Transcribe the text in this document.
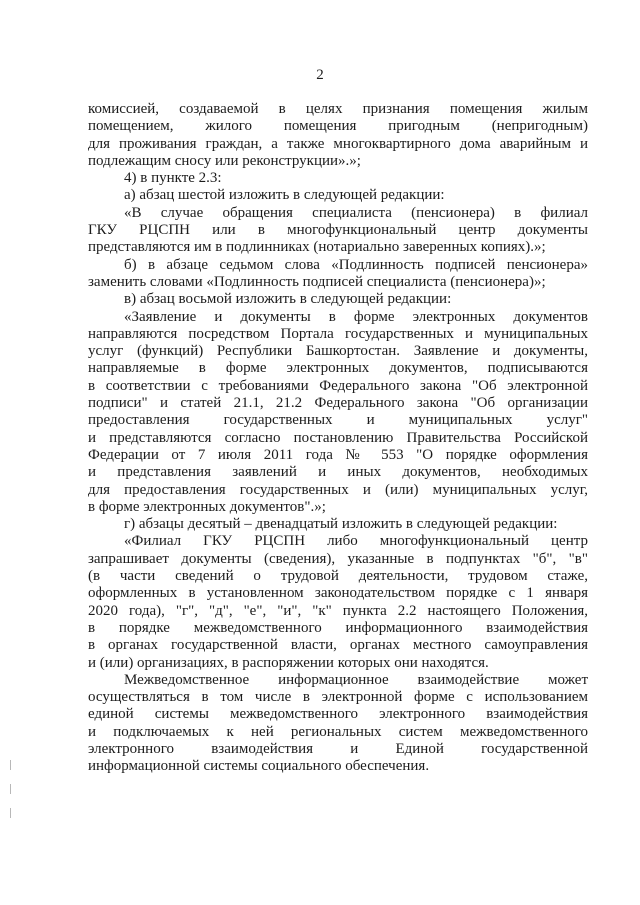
2
комиссией, создаваемой в целях признания помещения жилым
помещением, жилого помещения пригодным (непригодным)
для проживания граждан, а также многоквартирного дома аварийным и
подлежащим сносу или реконструкции».»;
4) в пункте 2.3:
а) абзац шестой изложить в следующей редакции:
«В случае обращения специалиста (пенсионера) в филиал
ГКУ РЦСПН или в многофункциональный центр документы
представляются им в подлинниках (нотариально заверенных копиях).»;
б) в абзаце седьмом слова «Подлинность подписей пенсионера»
заменить словами «Подлинность подписей специалиста (пенсионера)»;
в) абзац восьмой изложить в следующей редакции:
«Заявление и документы в форме электронных документов
направляются посредством Портала государственных и муниципальных
услуг (функций) Республики Башкортостан. Заявление и документы,
направляемые в форме электронных документов, подписываются
в соответствии с требованиями Федерального закона "Об электронной
подписи" и статей 21.1, 21.2 Федерального закона "Об организации
предоставления государственных и муниципальных услуг"
и представляются согласно постановлению Правительства Российской
Федерации от 7 июля 2011 года № 553 "О порядке оформления
и представления заявлений и иных документов, необходимых
для предоставления государственных и (или) муниципальных услуг,
в форме электронных документов".»;
г) абзацы десятый – двенадцатый изложить в следующей редакции:
«Филиал ГКУ РЦСПН либо многофункциональный центр
запрашивает документы (сведения), указанные в подпунктах "б", "в"
(в части сведений о трудовой деятельности, трудовом стаже,
оформленных в установленном законодательством порядке с 1 января
2020 года), "г", "д", "е", "и", "к" пункта 2.2 настоящего Положения,
в порядке межведомственного информационного взаимодействия
в органах государственной власти, органах местного самоуправления
и (или) организациях, в распоряжении которых они находятся.
Межведомственное информационное взаимодействие может
осуществляться в том числе в электронной форме с использованием
единой системы межведомственного электронного взаимодействия
и подключаемых к ней региональных систем межведомственного
электронного взаимодействия и Единой государственной
информационной системы социального обеспечения.
